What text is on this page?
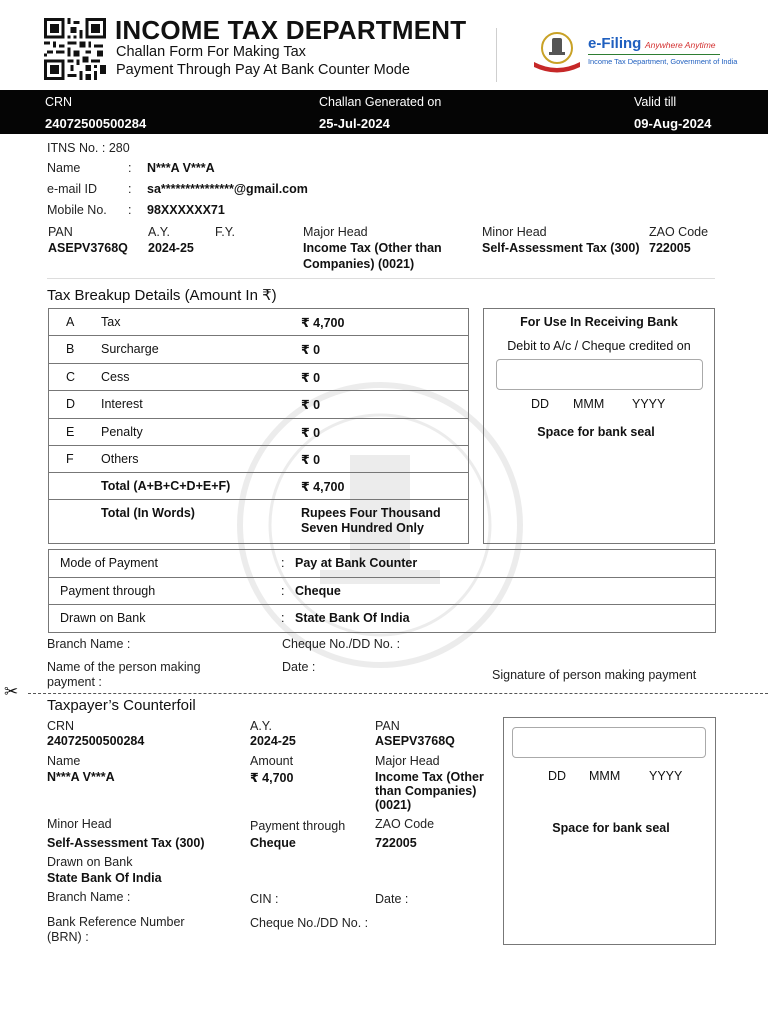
INCOME TAX DEPARTMENT
Challan Form For Making Tax
Payment Through Pay At Bank Counter Mode
e-Filing Anywhere Anytime
Income Tax Department, Government of India
CRN
24072500500284
Challan Generated on
25-Jul-2024
Valid till
09-Aug-2024
ITNS No. : 280
Name	: N***A V***A
e-mail ID : sa***************@gmail.com
Mobile No. : 98XXXXXX71
PAN
ASEPV3768Q
A.Y.
2024-25
F.Y.	Major Head
Income Tax (Other than
Companies) (0021)
Minor Head
Self-Assessment Tax (300)
ZAO Code
722005
Tax Breakup Details (Amount In ₹)
A Tax	₹ 4,700
B Surcharge	₹ 0
C Cess	₹ 0
D Interest	₹ 0
E Penalty	₹ 0
F Others	₹ 0
Total (A+B+C+D+E+F)	₹ 4,700
Total (In Words)	Rupees Four Thousand
Seven Hundred Only
For Use In Receiving Bank
Debit to A/c / Cheque credited on
DD MMM YYYY
Space for bank seal
Mode of Payment	: Pay at Bank Counter
Payment through	: Cheque
Drawn on Bank	: State Bank Of India
Branch Name :	Cheque No./DD No. :
Name of the person making
payment :
Date :
Signature of person making payment
✂
Taxpayer’s Counterfoil
CRN
24072500500284
A.Y.
2024-25
PAN
ASEPV3768Q
Name
N***A V***A
Amount
₹ 4,700
Major Head
Income Tax (Other
than Companies)
(0021)
Minor Head
Self-Assessment Tax (300)
Payment through
Cheque
ZAO Code
722005
Drawn on Bank
State Bank Of India
Branch Name :	CIN :	Date :
Bank Reference Number
(BRN) :
Cheque No./DD No. :
DD MMM YYYY
Space for bank seal
